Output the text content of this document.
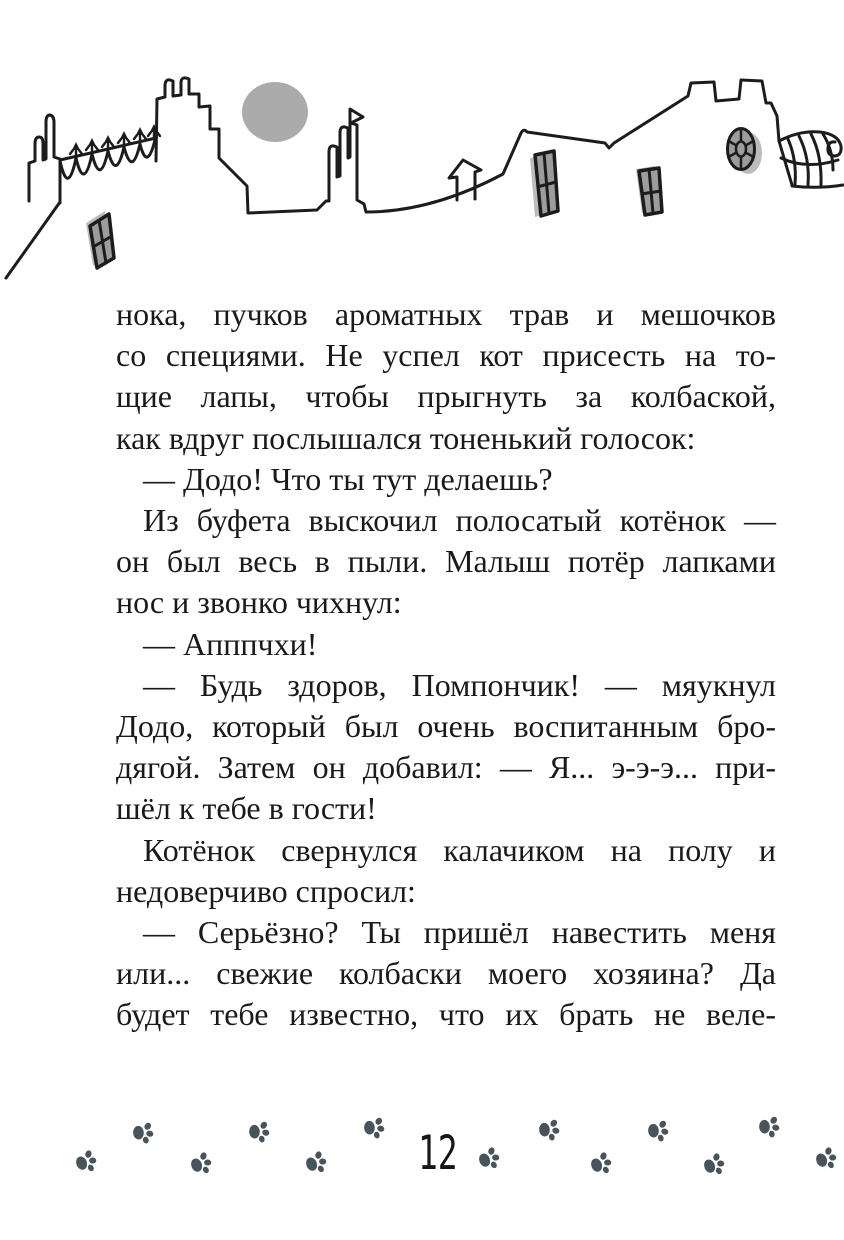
нока, пучков ароматных трав и мешочков
со специями. Не успел кот присесть на то-
щие лапы, чтобы прыгнуть за колбаской,
как вдруг послышался тоненький голосок:
— Додо! Что ты тут делаешь?
Из буфета выскочил полосатый котёнок —
он был весь в пыли. Малыш потёр лапками
нос и звонко чихнул:
— Апппчхи!
— Будь здоров, Помпончик! — мяукнул
Додо, который был очень воспитанным бро-
дягой. Затем он добавил: — Я... э-э-э... при-
шёл к тебе в гости!
Котёнок свернулся калачиком на полу и
недоверчиво спросил:
— Серьёзно? Ты пришёл навестить меня
или... свежие колбаски моего хозяина? Да
будет тебе известно, что их брать не веле-
12
